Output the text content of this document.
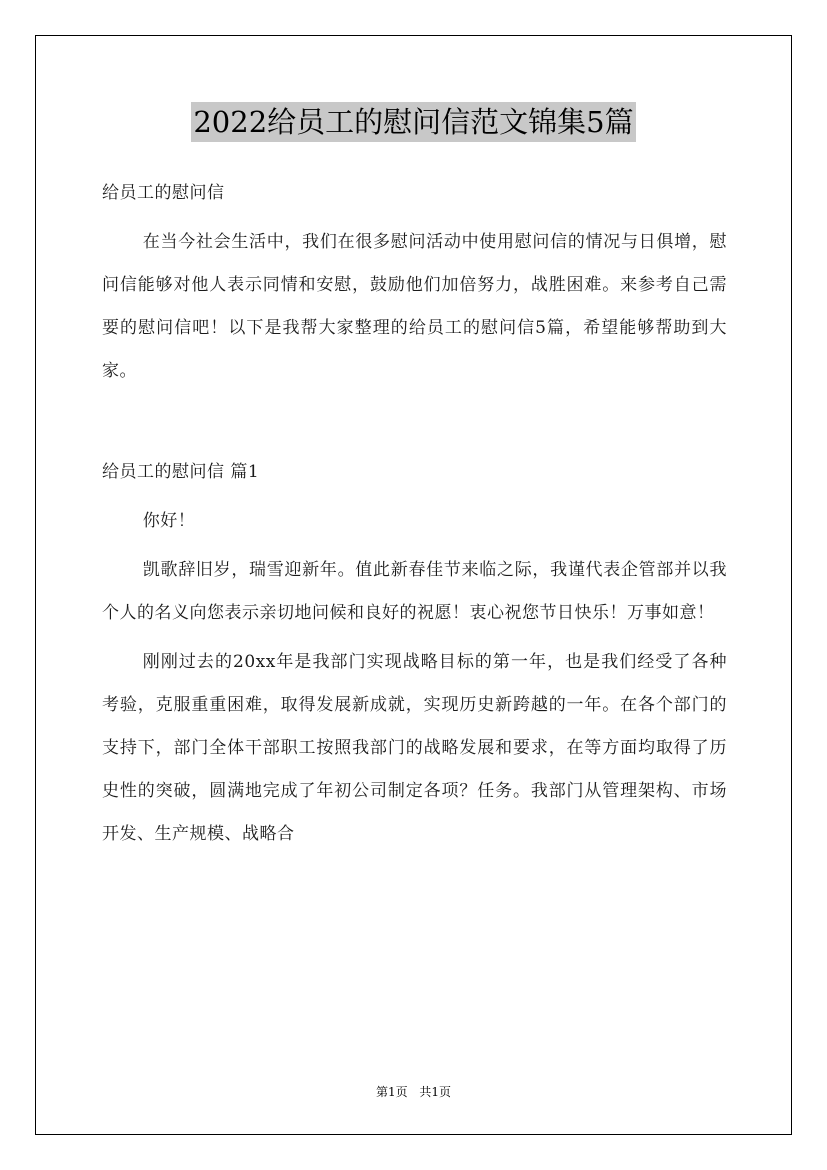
2022给员工的慰问信范文锦集5篇

给员工的慰问信

在当今社会生活中，我们在很多慰问活动中使用慰问信的情况与日俱增，慰问信能够对他人表示同情和安慰，鼓励他们加倍努力，战胜困难。来参考自己需要的慰问信吧！以下是我帮大家整理的给员工的慰问信5篇，希望能够帮助到大家。

给员工的慰问信 篇1

你好！

凯歌辞旧岁，瑞雪迎新年。值此新春佳节来临之际，我谨代表企管部并以我个人的名义向您表示亲切地问候和良好的祝愿！衷心祝您节日快乐！万事如意！

刚刚过去的20xx年是我部门实现战略目标的第一年，也是我们经受了各种考验，克服重重困难，取得发展新成就，实现历史新跨越的一年。在各个部门的支持下，部门全体干部职工按照我部门的战略发展和要求，在等方面均取得了历史性的突破，圆满地完成了年初公司制定各项？任务。我部门从管理架构、市场开发、生产规模、战略合

第1页 共1页
